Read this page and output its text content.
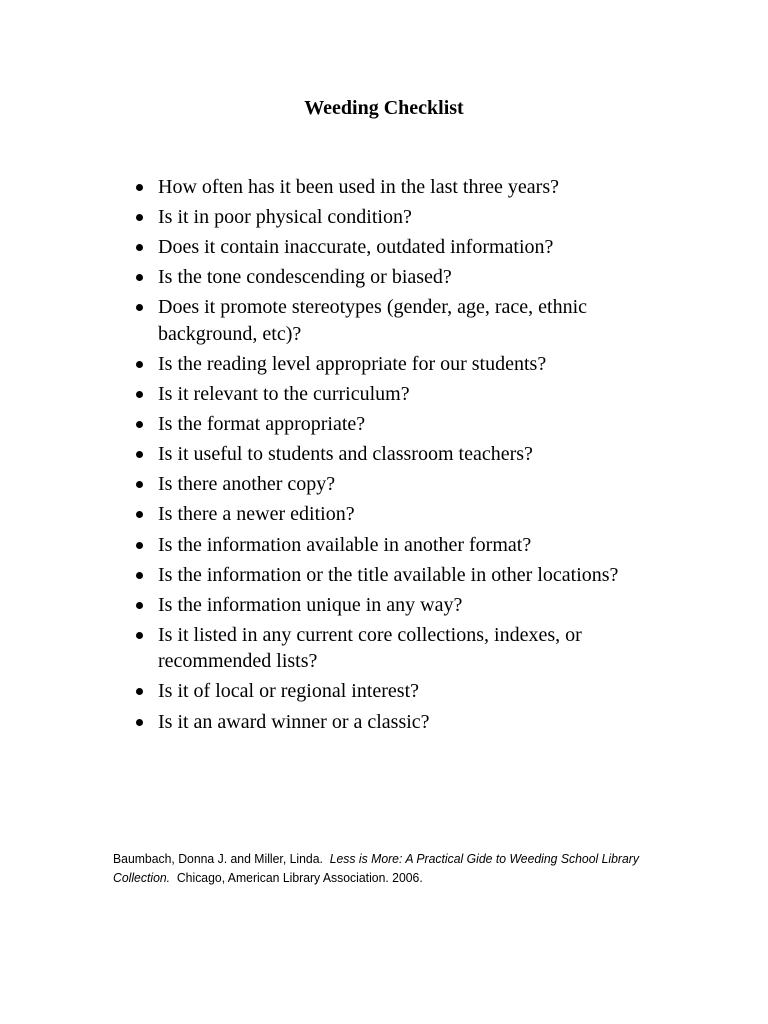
Weeding Checklist
How often has it been used in the last three years?
Is it in poor physical condition?
Does it contain inaccurate, outdated information?
Is the tone condescending or biased?
Does it promote stereotypes (gender, age, race, ethnic background, etc)?
Is the reading level appropriate for our students?
Is it relevant to the curriculum?
Is the format appropriate?
Is it useful to students and classroom teachers?
Is there another copy?
Is there a newer edition?
Is the information available in another format?
Is the information or the title available in other locations?
Is the information unique in any way?
Is it listed in any current core collections, indexes, or recommended lists?
Is it of local or regional interest?
Is it an award winner or a classic?

Baumbach, Donna J. and Miller, Linda. Less is More: A Practical Gide to Weeding School Library Collection. Chicago, American Library Association. 2006.
